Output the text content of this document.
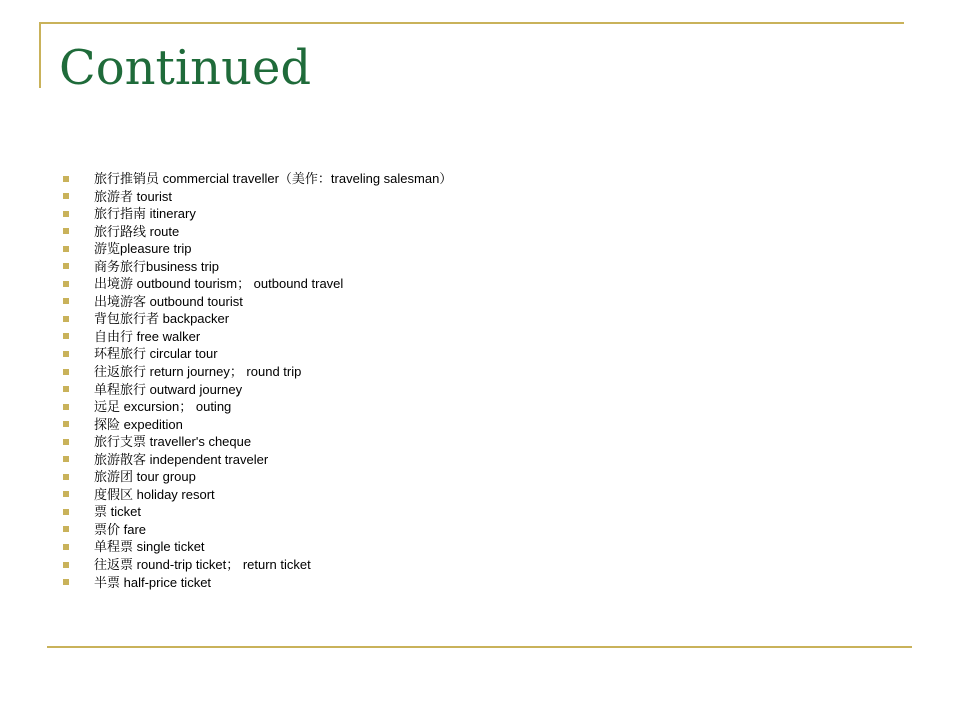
Continued
旅行推销员 commercial traveller（美作：traveling salesman）
旅游者 tourist
旅行指南 itinerary
旅行路线 route
游览pleasure trip
商务旅行business trip
出境游 outbound tourism； outbound travel
出境游客 outbound tourist
背包旅行者 backpacker
自由行 free walker
环程旅行 circular tour
往返旅行 return journey； round trip
单程旅行 outward journey
远足 excursion； outing
探险 expedition
旅行支票 traveller's cheque
旅游散客 independent traveler
旅游团 tour group
度假区 holiday resort
票 ticket
票价 fare
单程票 single ticket
往返票 round-trip ticket； return ticket
半票 half-price ticket
